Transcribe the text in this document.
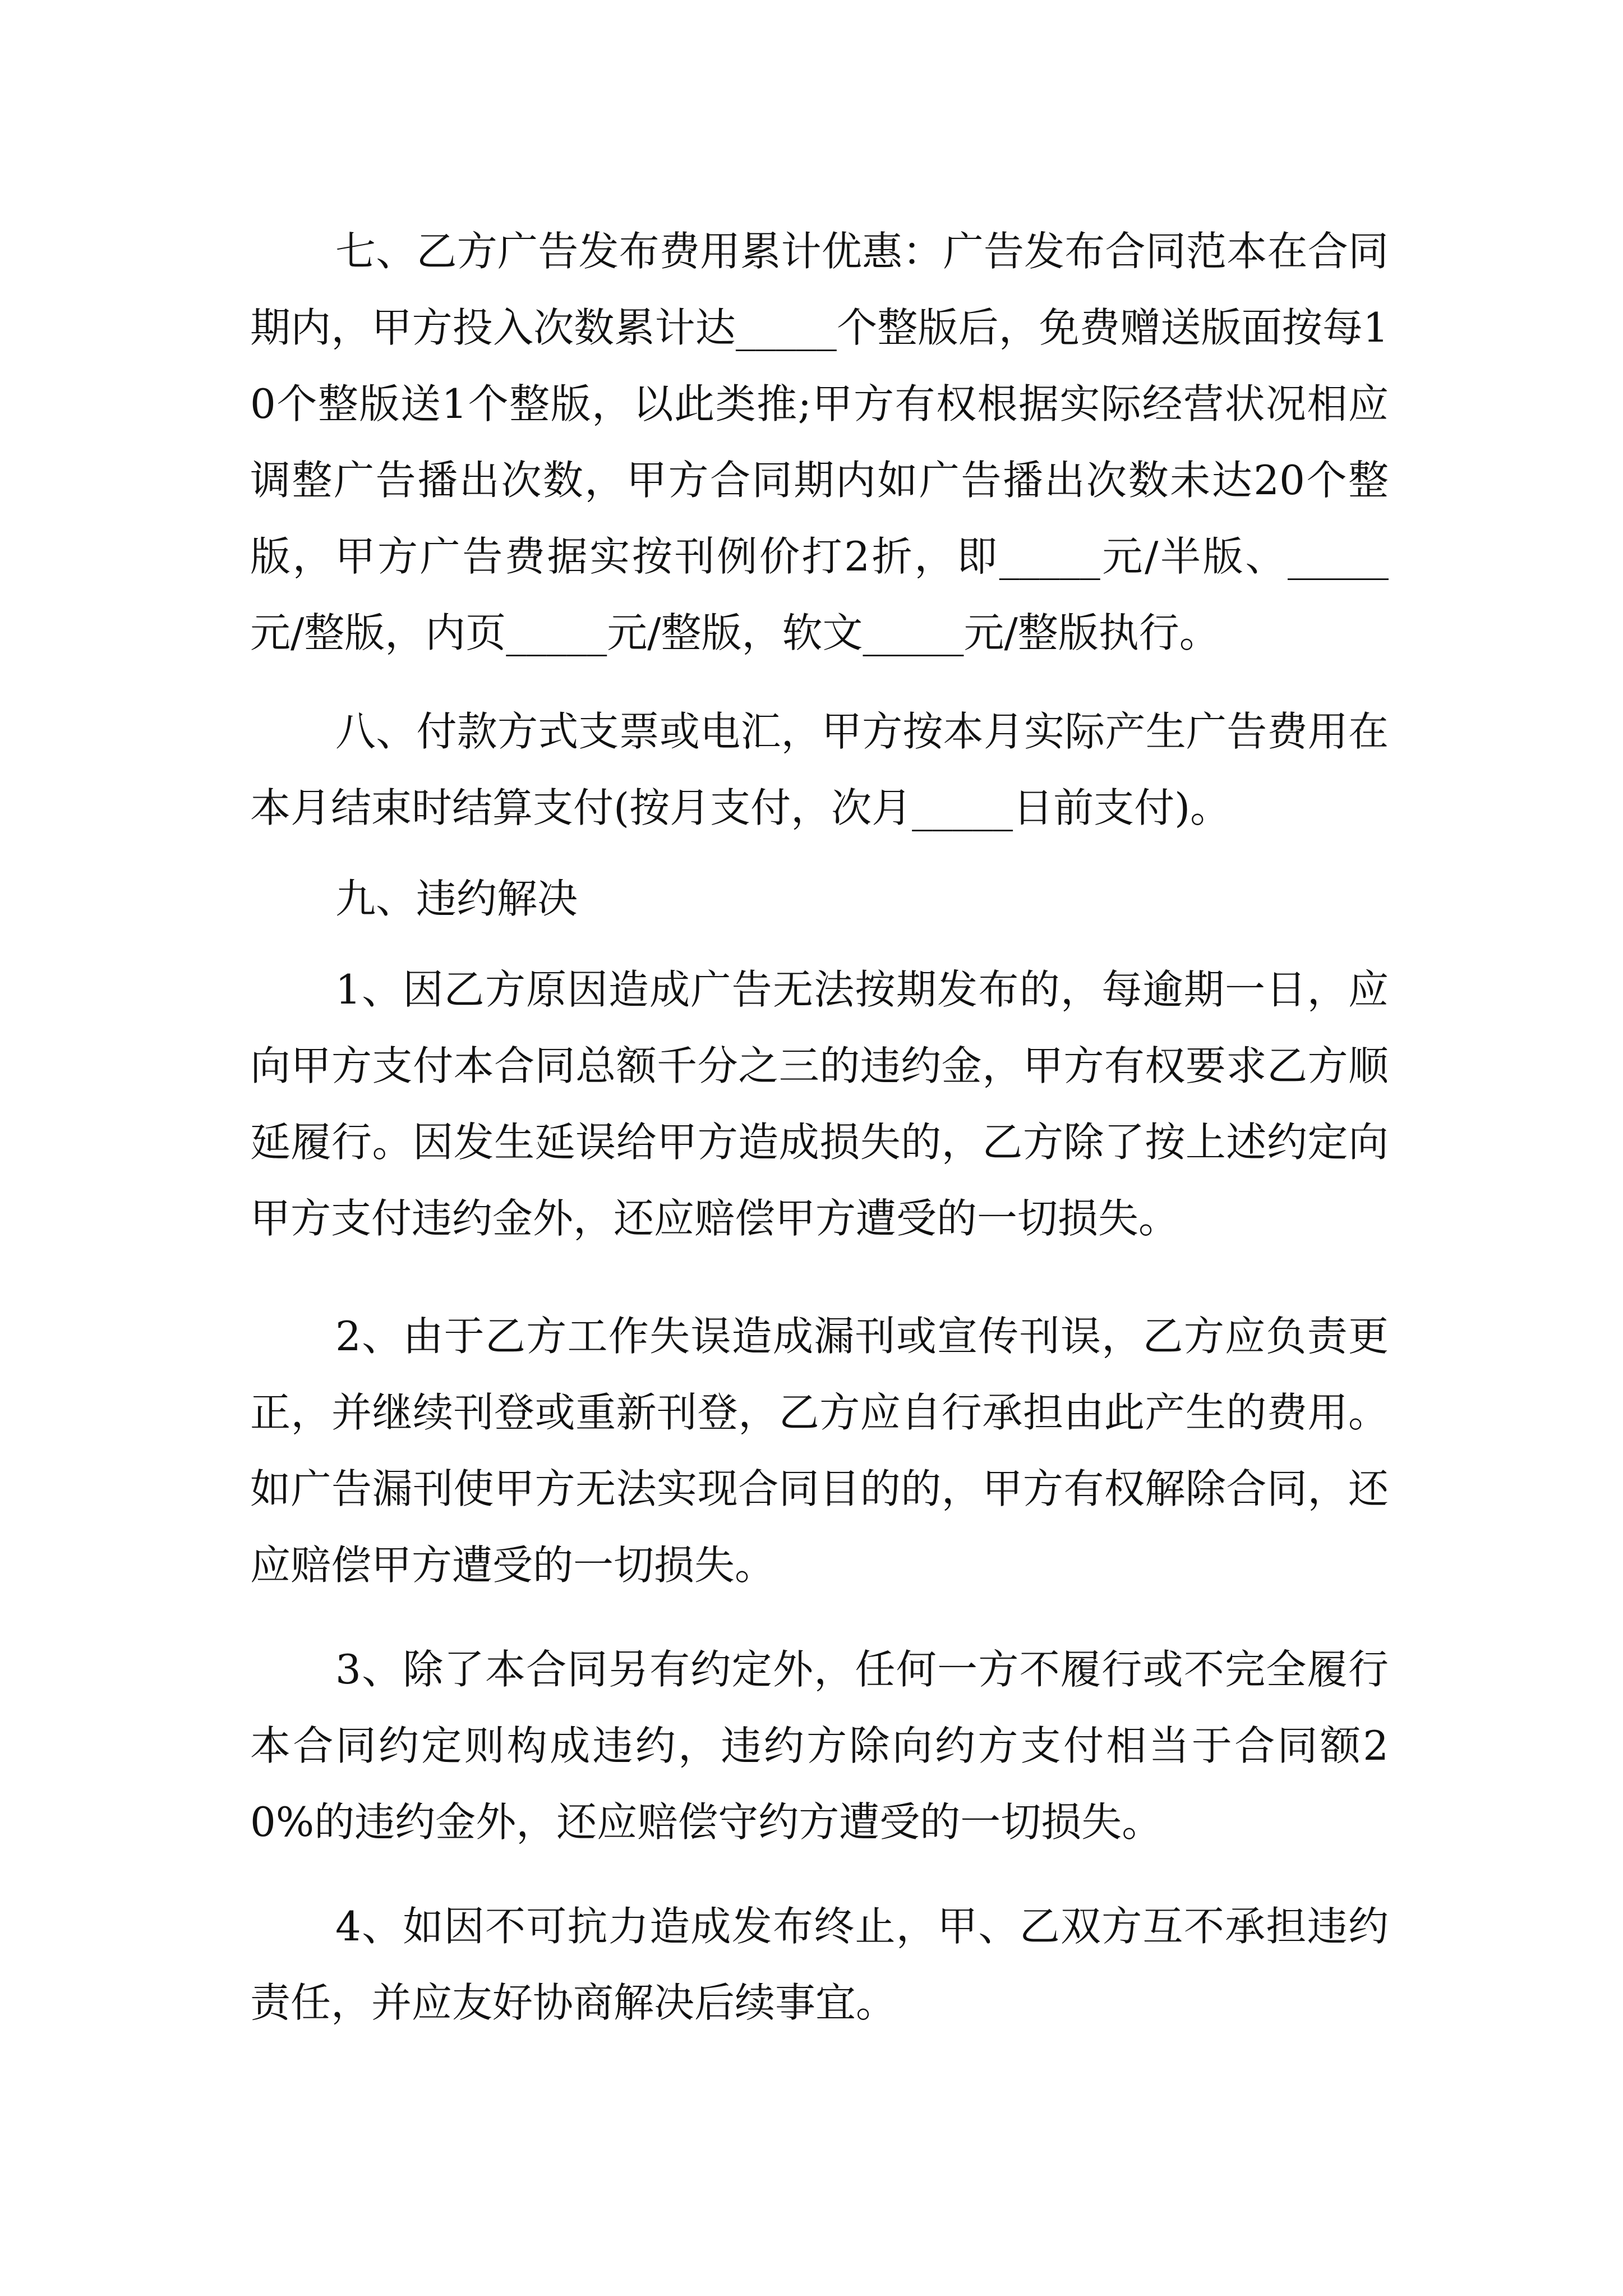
七、乙方广告发布费用累计优惠：广告发布合同范本在合同期内，甲方投入次数累计达_____个整版后，免费赠送版面按每10个整版送1个整版，以此类推;甲方有权根据实际经营状况相应调整广告播出次数，甲方合同期内如广告播出次数未达20个整版，甲方广告费据实按刊例价打2折，即_____元/半版、_____元/整版，内页_____元/整版，软文_____元/整版执行。

八、付款方式支票或电汇，甲方按本月实际产生广告费用在本月结束时结算支付(按月支付，次月_____日前支付)。

九、违约解决

1、因乙方原因造成广告无法按期发布的，每逾期一日，应向甲方支付本合同总额千分之三的违约金，甲方有权要求乙方顺延履行。因发生延误给甲方造成损失的，乙方除了按上述约定向甲方支付违约金外，还应赔偿甲方遭受的一切损失。

2、由于乙方工作失误造成漏刊或宣传刊误，乙方应负责更正，并继续刊登或重新刊登，乙方应自行承担由此产生的费用。如广告漏刊使甲方无法实现合同目的的，甲方有权解除合同，还应赔偿甲方遭受的一切损失。

3、除了本合同另有约定外，任何一方不履行或不完全履行本合同约定则构成违约，违约方除向约方支付相当于合同额20%的违约金外，还应赔偿守约方遭受的一切损失。

4、如因不可抗力造成发布终止，甲、乙双方互不承担违约责任，并应友好协商解决后续事宜。
